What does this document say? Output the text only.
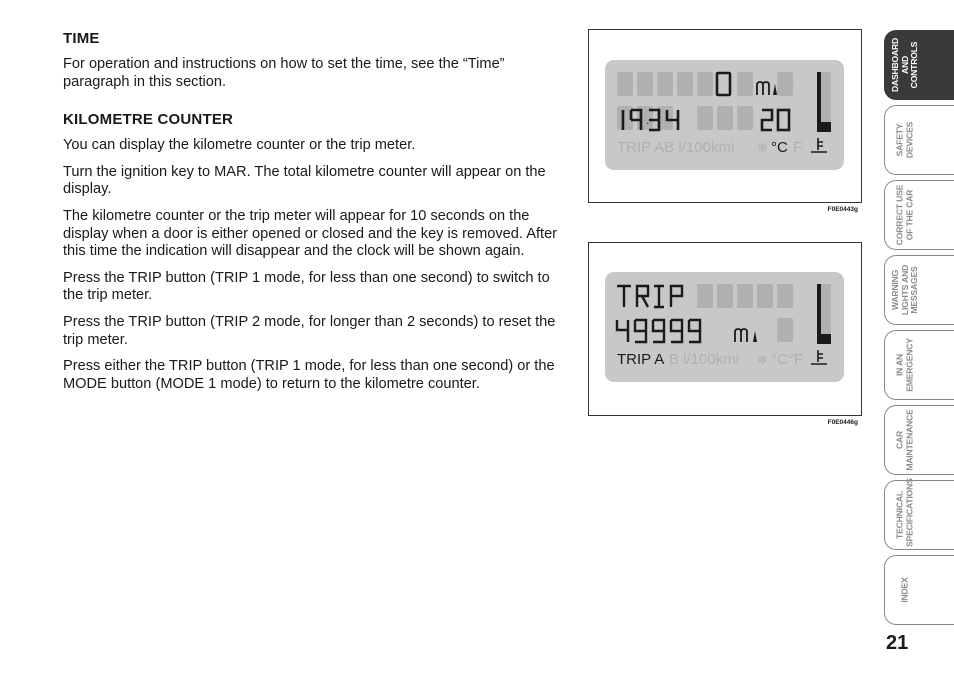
TIME

For operation and instructions on how to set the time, see the “Time” paragraph in this section.

KILOMETRE COUNTER

You can display the kilometre counter or the trip meter.

Turn the ignition key to MAR. The total kilometre counter will appear on the display.

The kilometre counter or the trip meter will appear for 10 seconds on the display when a door is either opened or closed and the key is removed. After this time the indication will disappear and the clock will be shown again.

Press the TRIP button (TRIP 1 mode, for less than one second) to switch to the trip meter.

Press the TRIP button (TRIP 2 mode, for longer than 2 seconds) to reset the trip meter.

Press either the TRIP button (TRIP 1 mode, for less than one second) or the MODE button (MODE 1 mode) to return to the kilometre counter.

.
TRIP AB l/100kmi ❄ °C F
F0E0443g
TRIP A B l/100kmi ❄ °C°F
F0E0446g
DASHBOARD AND CONTROLS
SAFETY DEVICES
CORRECT USE OF THE CAR
WARNING LIGHTS AND MESSAGES
IN AN EMERGENCY
CAR MAINTENANCE
TECHNICAL SPECIFICATIONS
INDEX
21
